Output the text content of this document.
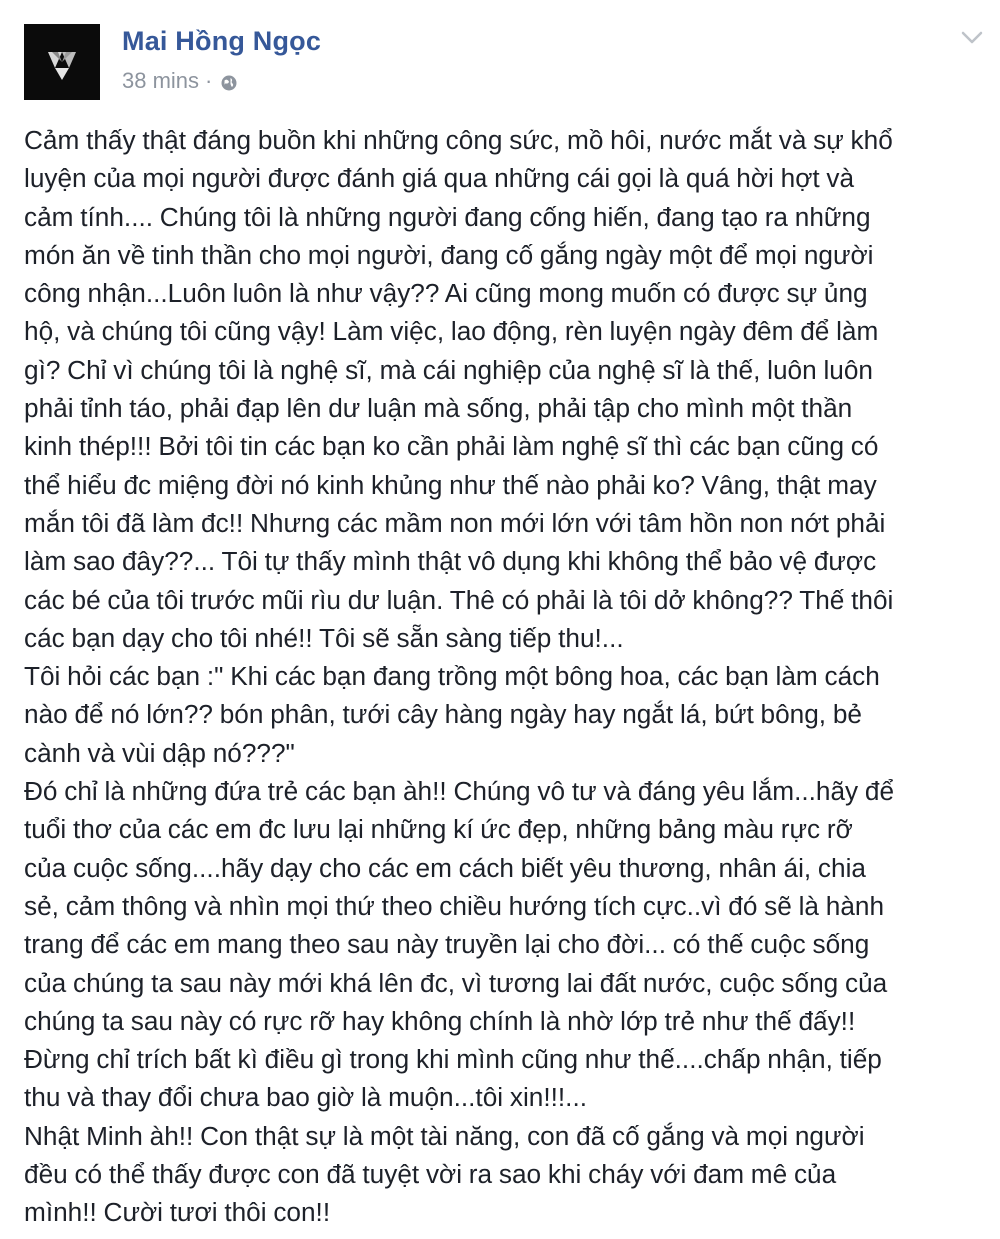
Mai Hồng Ngọc
38 mins ·
Cảm thấy thật đáng buồn khi những công sức, mồ hôi, nước mắt và sự khổ
luyện của mọi người được đánh giá qua những cái gọi là quá hời hợt và
cảm tính.... Chúng tôi là những người đang cống hiến, đang tạo ra những
món ăn về tinh thần cho mọi người, đang cố gắng ngày một để mọi người
công nhận...Luôn luôn là như vậy?? Ai cũng mong muốn có được sự ủng
hộ, và chúng tôi cũng vậy! Làm việc, lao động, rèn luyện ngày đêm để làm
gì? Chỉ vì chúng tôi là nghệ sĩ, mà cái nghiệp của nghệ sĩ là thế, luôn luôn
phải tỉnh táo, phải đạp lên dư luận mà sống, phải tập cho mình một thần
kinh thép!!! Bởi tôi tin các bạn ko cần phải làm nghệ sĩ thì các bạn cũng có
thể hiểu đc miệng đời nó kinh khủng như thế nào phải ko? Vâng, thật may
mắn tôi đã làm đc!! Nhưng các mầm non mới lớn với tâm hồn non nớt phải
làm sao đây??... Tôi tự thấy mình thật vô dụng khi không thể bảo vệ được
các bé của tôi trước mũi rìu dư luận. Thê có phải là tôi dở không?? Thế thôi
các bạn dạy cho tôi nhé!! Tôi sẽ sẵn sàng tiếp thu!...
Tôi hỏi các bạn :" Khi các bạn đang trồng một bông hoa, các bạn làm cách
nào để nó lớn?? bón phân, tưới cây hàng ngày hay ngắt lá, bứt bông, bẻ
cành và vùi dập nó???"
Đó chỉ là những đứa trẻ các bạn àh!! Chúng vô tư và đáng yêu lắm...hãy để
tuổi thơ của các em đc lưu lại những kí ức đẹp, những bảng màu rực rỡ
của cuộc sống....hãy dạy cho các em cách biết yêu thương, nhân ái, chia
sẻ, cảm thông và nhìn mọi thứ theo chiều hướng tích cực..vì đó sẽ là hành
trang để các em mang theo sau này truyền lại cho đời... có thế cuộc sống
của chúng ta sau này mới khá lên đc, vì tương lai đất nước, cuộc sống của
chúng ta sau này có rực rỡ hay không chính là nhờ lớp trẻ như thế đấy!!
Đừng chỉ trích bất kì điều gì trong khi mình cũng như thế....chấp nhận, tiếp
thu và thay đổi chưa bao giờ là muộn...tôi xin!!!...
Nhật Minh àh!! Con thật sự là một tài năng, con đã cố gắng và mọi người
đều có thể thấy được con đã tuyệt vời ra sao khi cháy với đam mê của
mình!! Cười tươi thôi con!!
